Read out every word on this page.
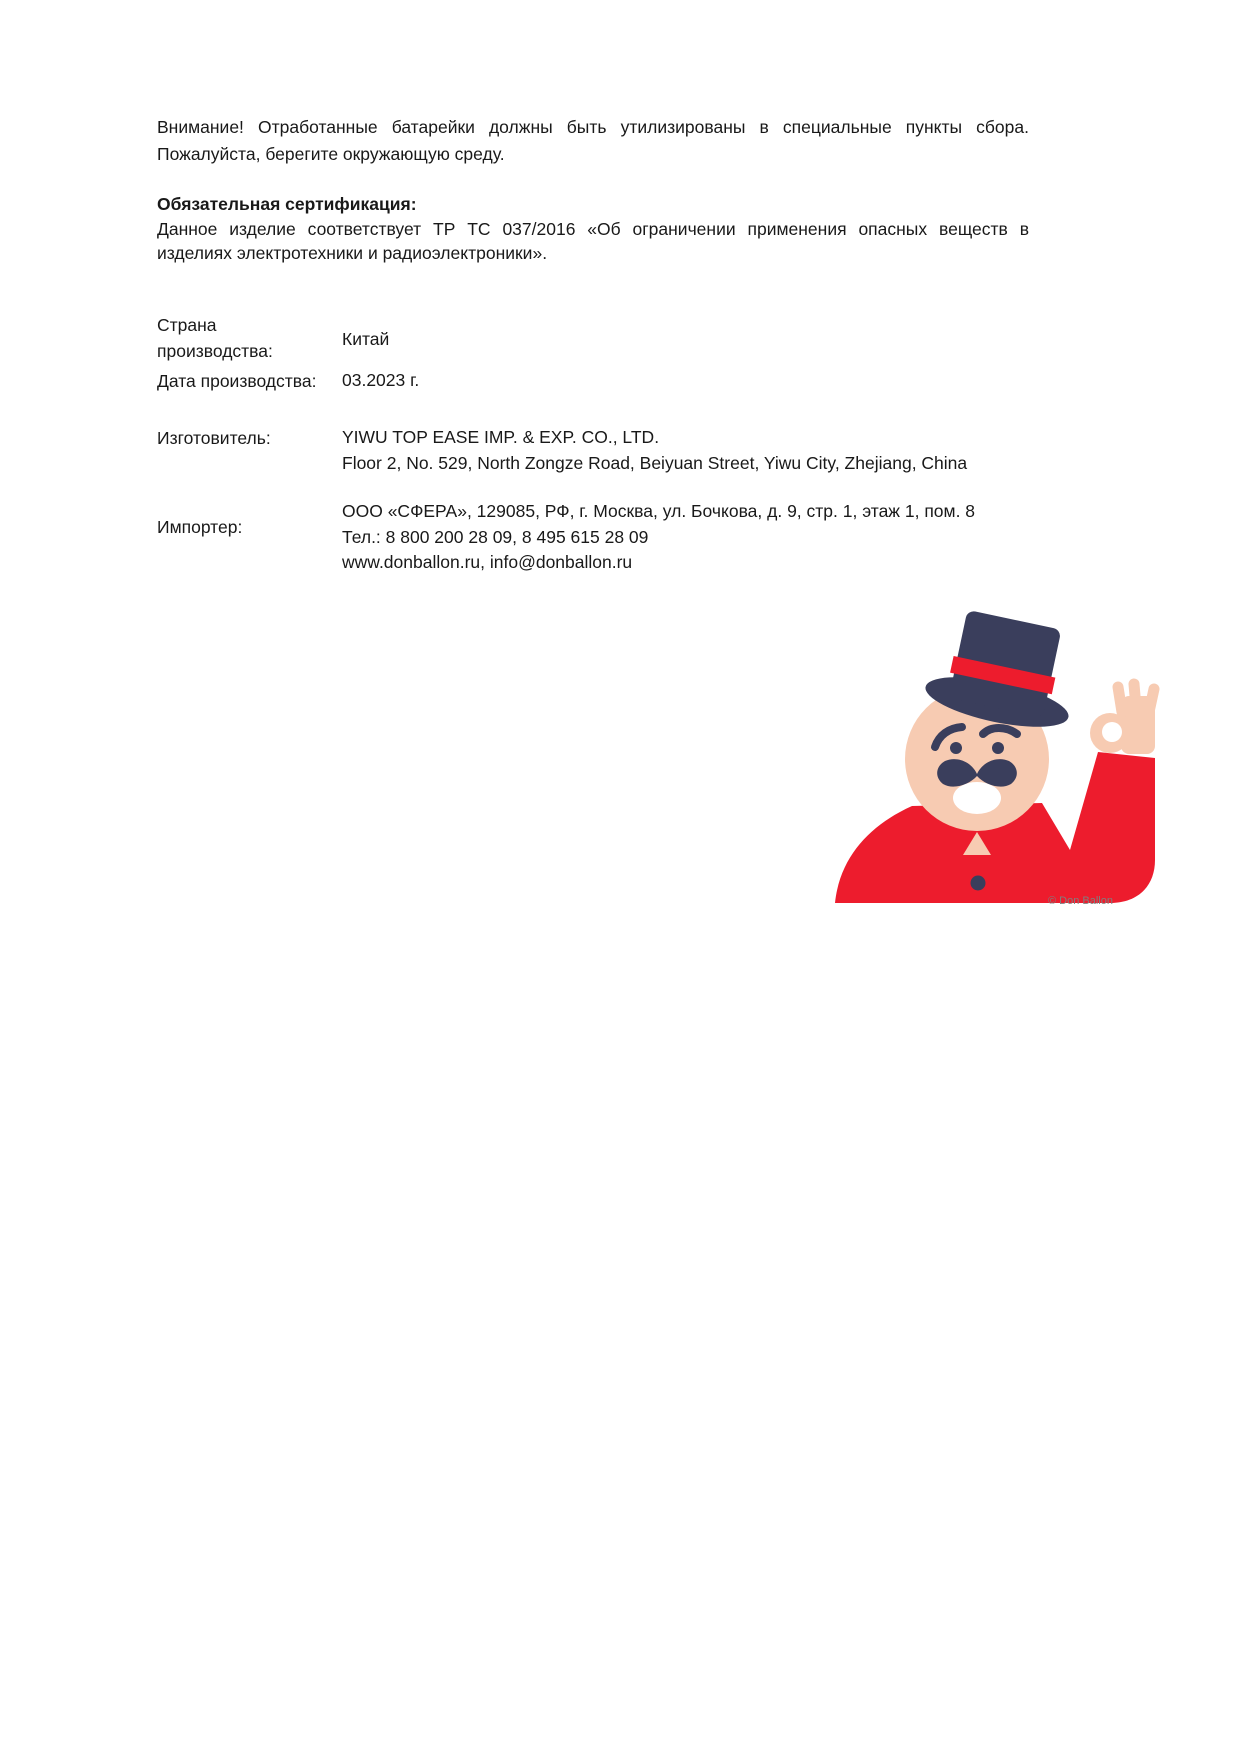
Внимание! Отработанные батарейки должны быть утилизированы в специальные пункты сбора. Пожалуйста, берегите окружающую среду.
Обязательная сертификация:
Данное изделие соответствует ТР ТС 037/2016 «Об ограничении применения опасных веществ в изделиях электротехники и радиоэлектроники».
Страна производства:
Китай
Дата производства:	03.2023 г.
Изготовитель:	YIWU TOP EASE IMP. & EXP. CO., LTD.
Floor 2, No. 529, North Zongze Road, Beiyuan Street, Yiwu City, Zhejiang, China
Импортер:
ООО «СФЕРА», 129085, РФ, г. Москва, ул. Бочкова, д. 9, стр. 1, этаж 1, пом. 8
Тел.: 8 800 200 28 09, 8 495 615 28 09
www.donballon.ru, info@donballon.ru
© Don Ballon
